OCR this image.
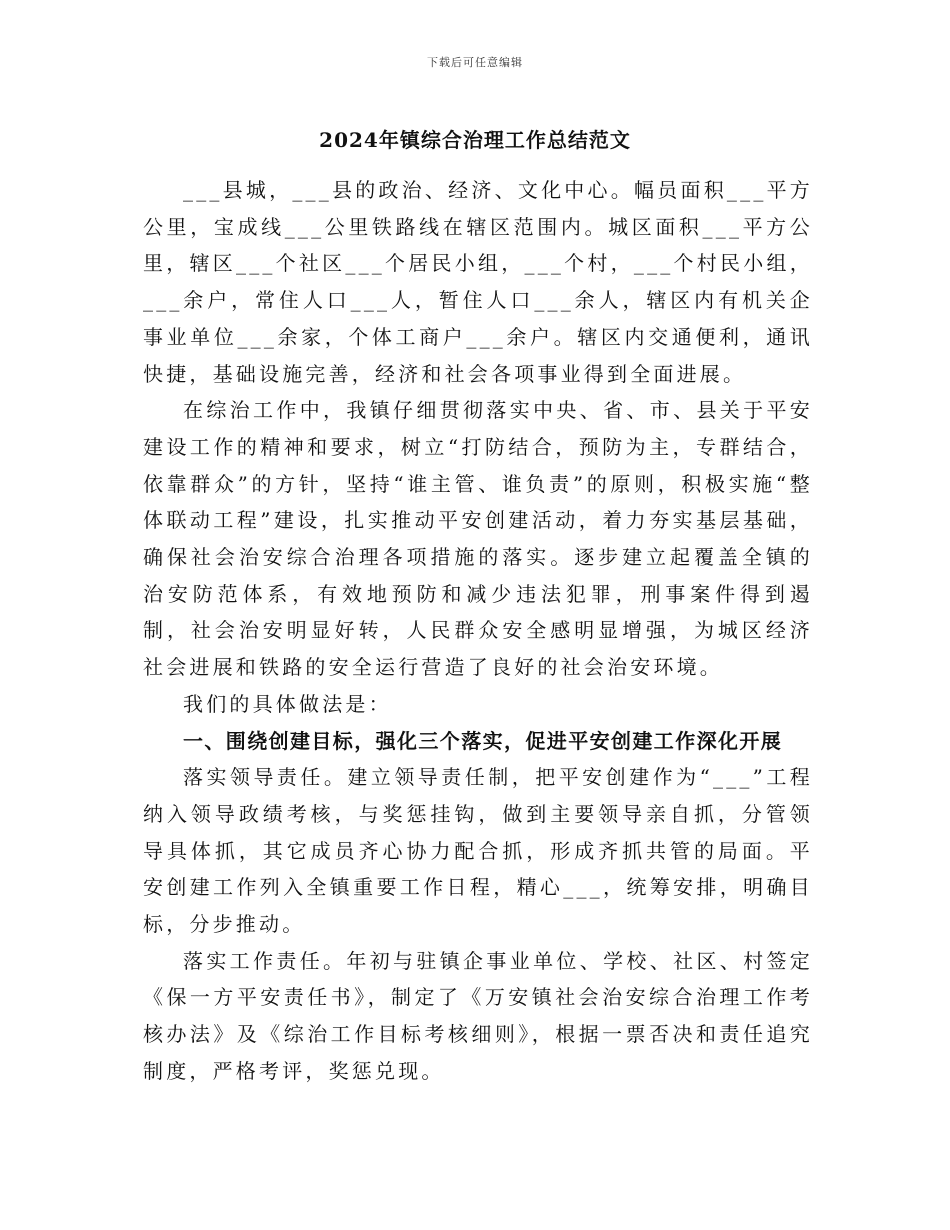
下载后可任意编辑
2024年镇综合治理工作总结范文

___县城，___县的政治、经济、文化中心。幅员面积___平方公里，宝成线___公里铁路线在辖区范围内。城区面积___平方公里，辖区___个社区___个居民小组，___个村，___个村民小组，___余户，常住人口___人，暂住人口___余人，辖区内有机关企事业单位___余家，个体工商户___余户。辖区内交通便利，通讯快捷，基础设施完善，经济和社会各项事业得到全面进展。

在综治工作中，我镇仔细贯彻落实中央、省、市、县关于平安建设工作的精神和要求，树立“打防结合，预防为主，专群结合，依靠群众”的方针，坚持“谁主管、谁负责”的原则，积极实施“整体联动工程”建设，扎实推动平安创建活动，着力夯实基层基础，确保社会治安综合治理各项措施的落实。逐步建立起覆盖全镇的治安防范体系，有效地预防和减少违法犯罪，刑事案件得到遏制，社会治安明显好转，人民群众安全感明显增强，为城区经济社会进展和铁路的安全运行营造了良好的社会治安环境。

我们的具体做法是：

一、围绕创建目标，强化三个落实，促进平安创建工作深化开展

落实领导责任。建立领导责任制，把平安创建作为“___”工程纳入领导政绩考核，与奖惩挂钩，做到主要领导亲自抓，分管领导具体抓，其它成员齐心协力配合抓，形成齐抓共管的局面。平安创建工作列入全镇重要工作日程，精心___，统筹安排，明确目标，分步推动。

落实工作责任。年初与驻镇企事业单位、学校、社区、村签定《保一方平安责任书》，制定了《万安镇社会治安综合治理工作考核办法》及《综治工作目标考核细则》，根据一票否决和责任追究制度，严格考评，奖惩兑现。
